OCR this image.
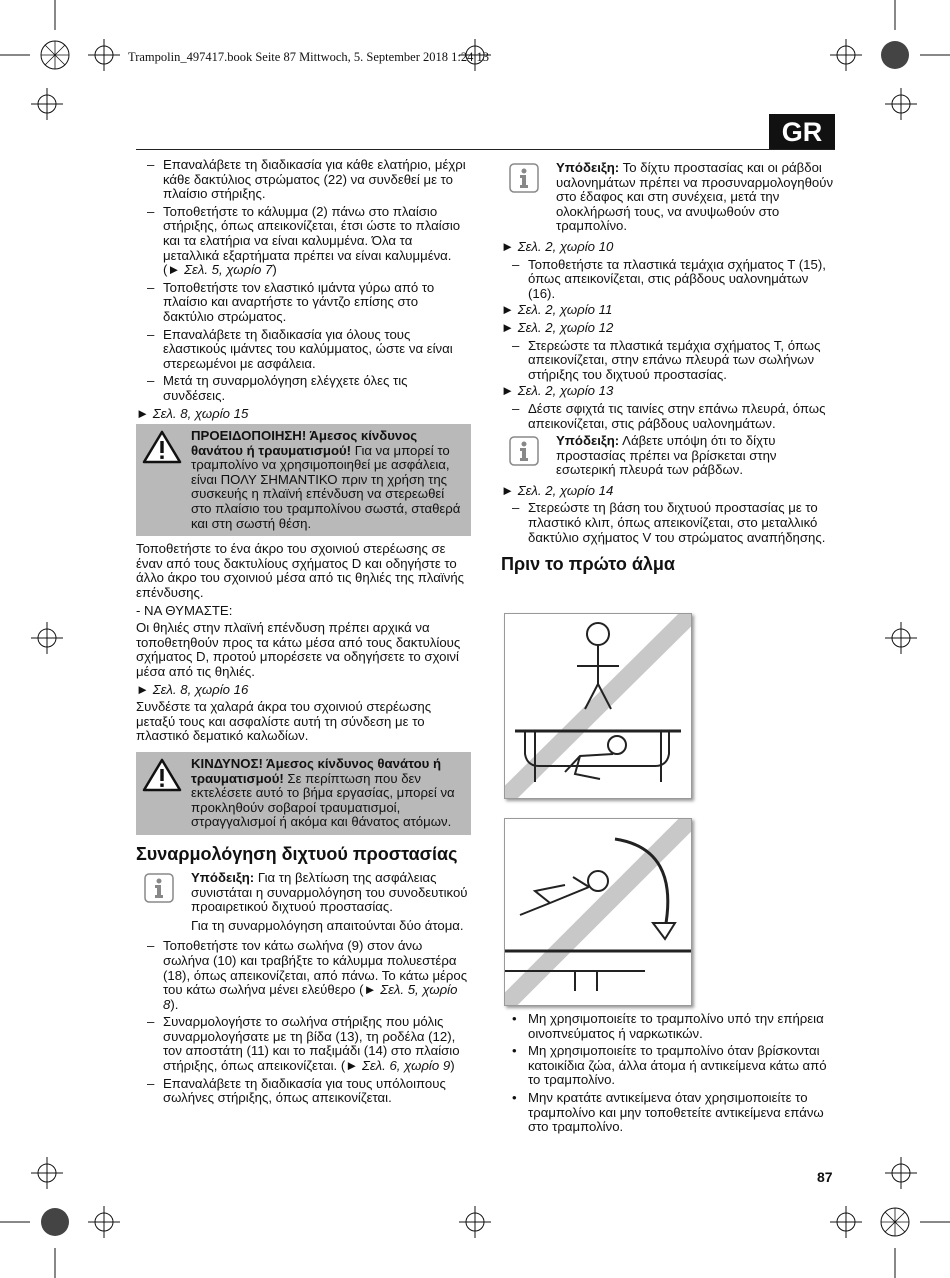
Trampolin_497417.book Seite 87 Mittwoch, 5. September 2018 1:24 13
GR
– Επαναλάβετε τη διαδικασία για κάθε ελατήριο, μέχρι κάθε δακτύλιος στρώματος (22) να συνδεθεί με το πλαίσιο στήριξης.
– Τοποθετήστε το κάλυμμα (2) πάνω στο πλαίσιο στήριξης, όπως απεικονίζεται, έτσι ώστε το πλαίσιο και τα ελατήρια να είναι καλυμμένα. Όλα τα μεταλλικά εξαρτήματα πρέπει να είναι καλυμμένα. (► Σελ. 5, χωρίο 7)
– Τοποθετήστε τον ελαστικό ιμάντα γύρω από το πλαίσιο και αναρτήστε το γάντζο επίσης στο δακτύλιο στρώματος.
– Επαναλάβετε τη διαδικασία για όλους τους ελαστικούς ιμάντες του καλύμματος, ώστε να είναι στερεωμένοι με ασφάλεια.
– Μετά τη συναρμολόγηση ελέγχετε όλες τις συνδέσεις.
► Σελ. 8, χωρίο 15
ΠΡΟΕΙΔΟΠΟΙΗΣΗ! Άμεσος κίνδυνος θανάτου ή τραυματισμού! Για να μπορεί το τραμπολίνο να χρησιμοποιηθεί με ασφάλεια, είναι ΠΟΛΥ ΣΗΜΑΝΤΙΚΟ πριν τη χρήση της συσκευής η πλαϊνή επένδυση να στερεωθεί στο πλαίσιο του τραμπολίνου σωστά, σταθερά και στη σωστή θέση.

Τοποθετήστε το ένα άκρο του σχοινιού στερέωσης σε έναν από τους δακτυλίους σχήματος D και οδηγήστε το άλλο άκρο του σχοινιού μέσα από τις θηλιές της πλαϊνής επένδυσης.

- ΝΑ ΘΥΜΑΣΤΕ:

Οι θηλιές στην πλαϊνή επένδυση πρέπει αρχικά να τοποθετηθούν προς τα κάτω μέσα από τους δακτυλίους σχήματος D, προτού μπορέσετε να οδηγήσετε το σχοινί μέσα από τις θηλιές.

► Σελ. 8, χωρίο 16

Συνδέστε τα χαλαρά άκρα του σχοινιού στερέωσης μεταξύ τους και ασφαλίστε αυτή τη σύνδεση με το πλαστικό δεματικό καλωδίων.

ΚΙΝΔΥΝΟΣ! Άμεσος κίνδυνος θανάτου ή τραυματισμού! Σε περίπτωση που δεν εκτελέσετε αυτό το βήμα εργασίας, μπορεί να προκληθούν σοβαροί τραυματισμοί, στραγγαλισμοί ή ακόμα και θάνατος ατόμων.
Συναρμολόγηση διχτυού προστασίας
Υπόδειξη: Για τη βελτίωση της ασφάλειας συνιστάται η συναρμολόγηση του συνοδευτικού προαιρετικού διχτυού προστασίας.
Για τη συναρμολόγηση απαιτούνται δύο άτομα.
– Τοποθετήστε τον κάτω σωλήνα (9) στον άνω σωλήνα (10) και τραβήξτε το κάλυμμα πολυεστέρα (18), όπως απεικονίζεται, από πάνω. Το κάτω μέρος του κάτω σωλήνα μένει ελεύθερο (► Σελ. 5, χωρίο 8).
– Συναρμολογήστε το σωλήνα στήριξης που μόλις συναρμολογήσατε με τη βίδα (13), τη ροδέλα (12), τον αποστάτη (11) και το παξιμάδι (14) στο πλαίσιο στήριξης, όπως απεικονίζεται. (► Σελ. 6, χωρίο 9)
– Επαναλάβετε τη διαδικασία για τους υπόλοιπους σωλήνες στήριξης, όπως απεικονίζεται.
Υπόδειξη: Το δίχτυ προστασίας και οι ράβδοι υαλονημάτων πρέπει να προσυναρμολογηθούν στο έδαφος και στη συνέχεια, μετά την ολοκλήρωσή τους, να ανυψωθούν στο τραμπολίνο.
► Σελ. 2, χωρίο 10
– Τοποθετήστε τα πλαστικά τεμάχια σχήματος Τ (15), όπως απεικονίζεται, στις ράβδους υαλονημάτων (16).
► Σελ. 2, χωρίο 11
► Σελ. 2, χωρίο 12
– Στερεώστε τα πλαστικά τεμάχια σχήματος Τ, όπως απεικονίζεται, στην επάνω πλευρά των σωλήνων στήριξης του διχτυού προστασίας.
► Σελ. 2, χωρίο 13
– Δέστε σφιχτά τις ταινίες στην επάνω πλευρά, όπως απεικονίζεται, στις ράβδους υαλονημάτων.
Υπόδειξη: Λάβετε υπόψη ότι το δίχτυ προστασίας πρέπει να βρίσκεται στην εσωτερική πλευρά των ράβδων.
► Σελ. 2, χωρίο 14
– Στερεώστε τη βάση του διχτυού προστασίας με το πλαστικό κλιπ, όπως απεικονίζεται, στο μεταλλικό δακτύλιο σχήματος V του στρώματος αναπήδησης.
Πριν το πρώτο άλμα
• Μη χρησιμοποιείτε το τραμπολίνο υπό την επήρεια οινοπνεύματος ή ναρκωτικών.
• Μη χρησιμοποιείτε το τραμπολίνο όταν βρίσκονται κατοικίδια ζώα, άλλα άτομα ή αντικείμενα κάτω από το τραμπολίνο.
• Μην κρατάτε αντικείμενα όταν χρησιμοποιείτε το τραμπολίνο και μην τοποθετείτε αντικείμενα επάνω στο τραμπολίνο.
87
